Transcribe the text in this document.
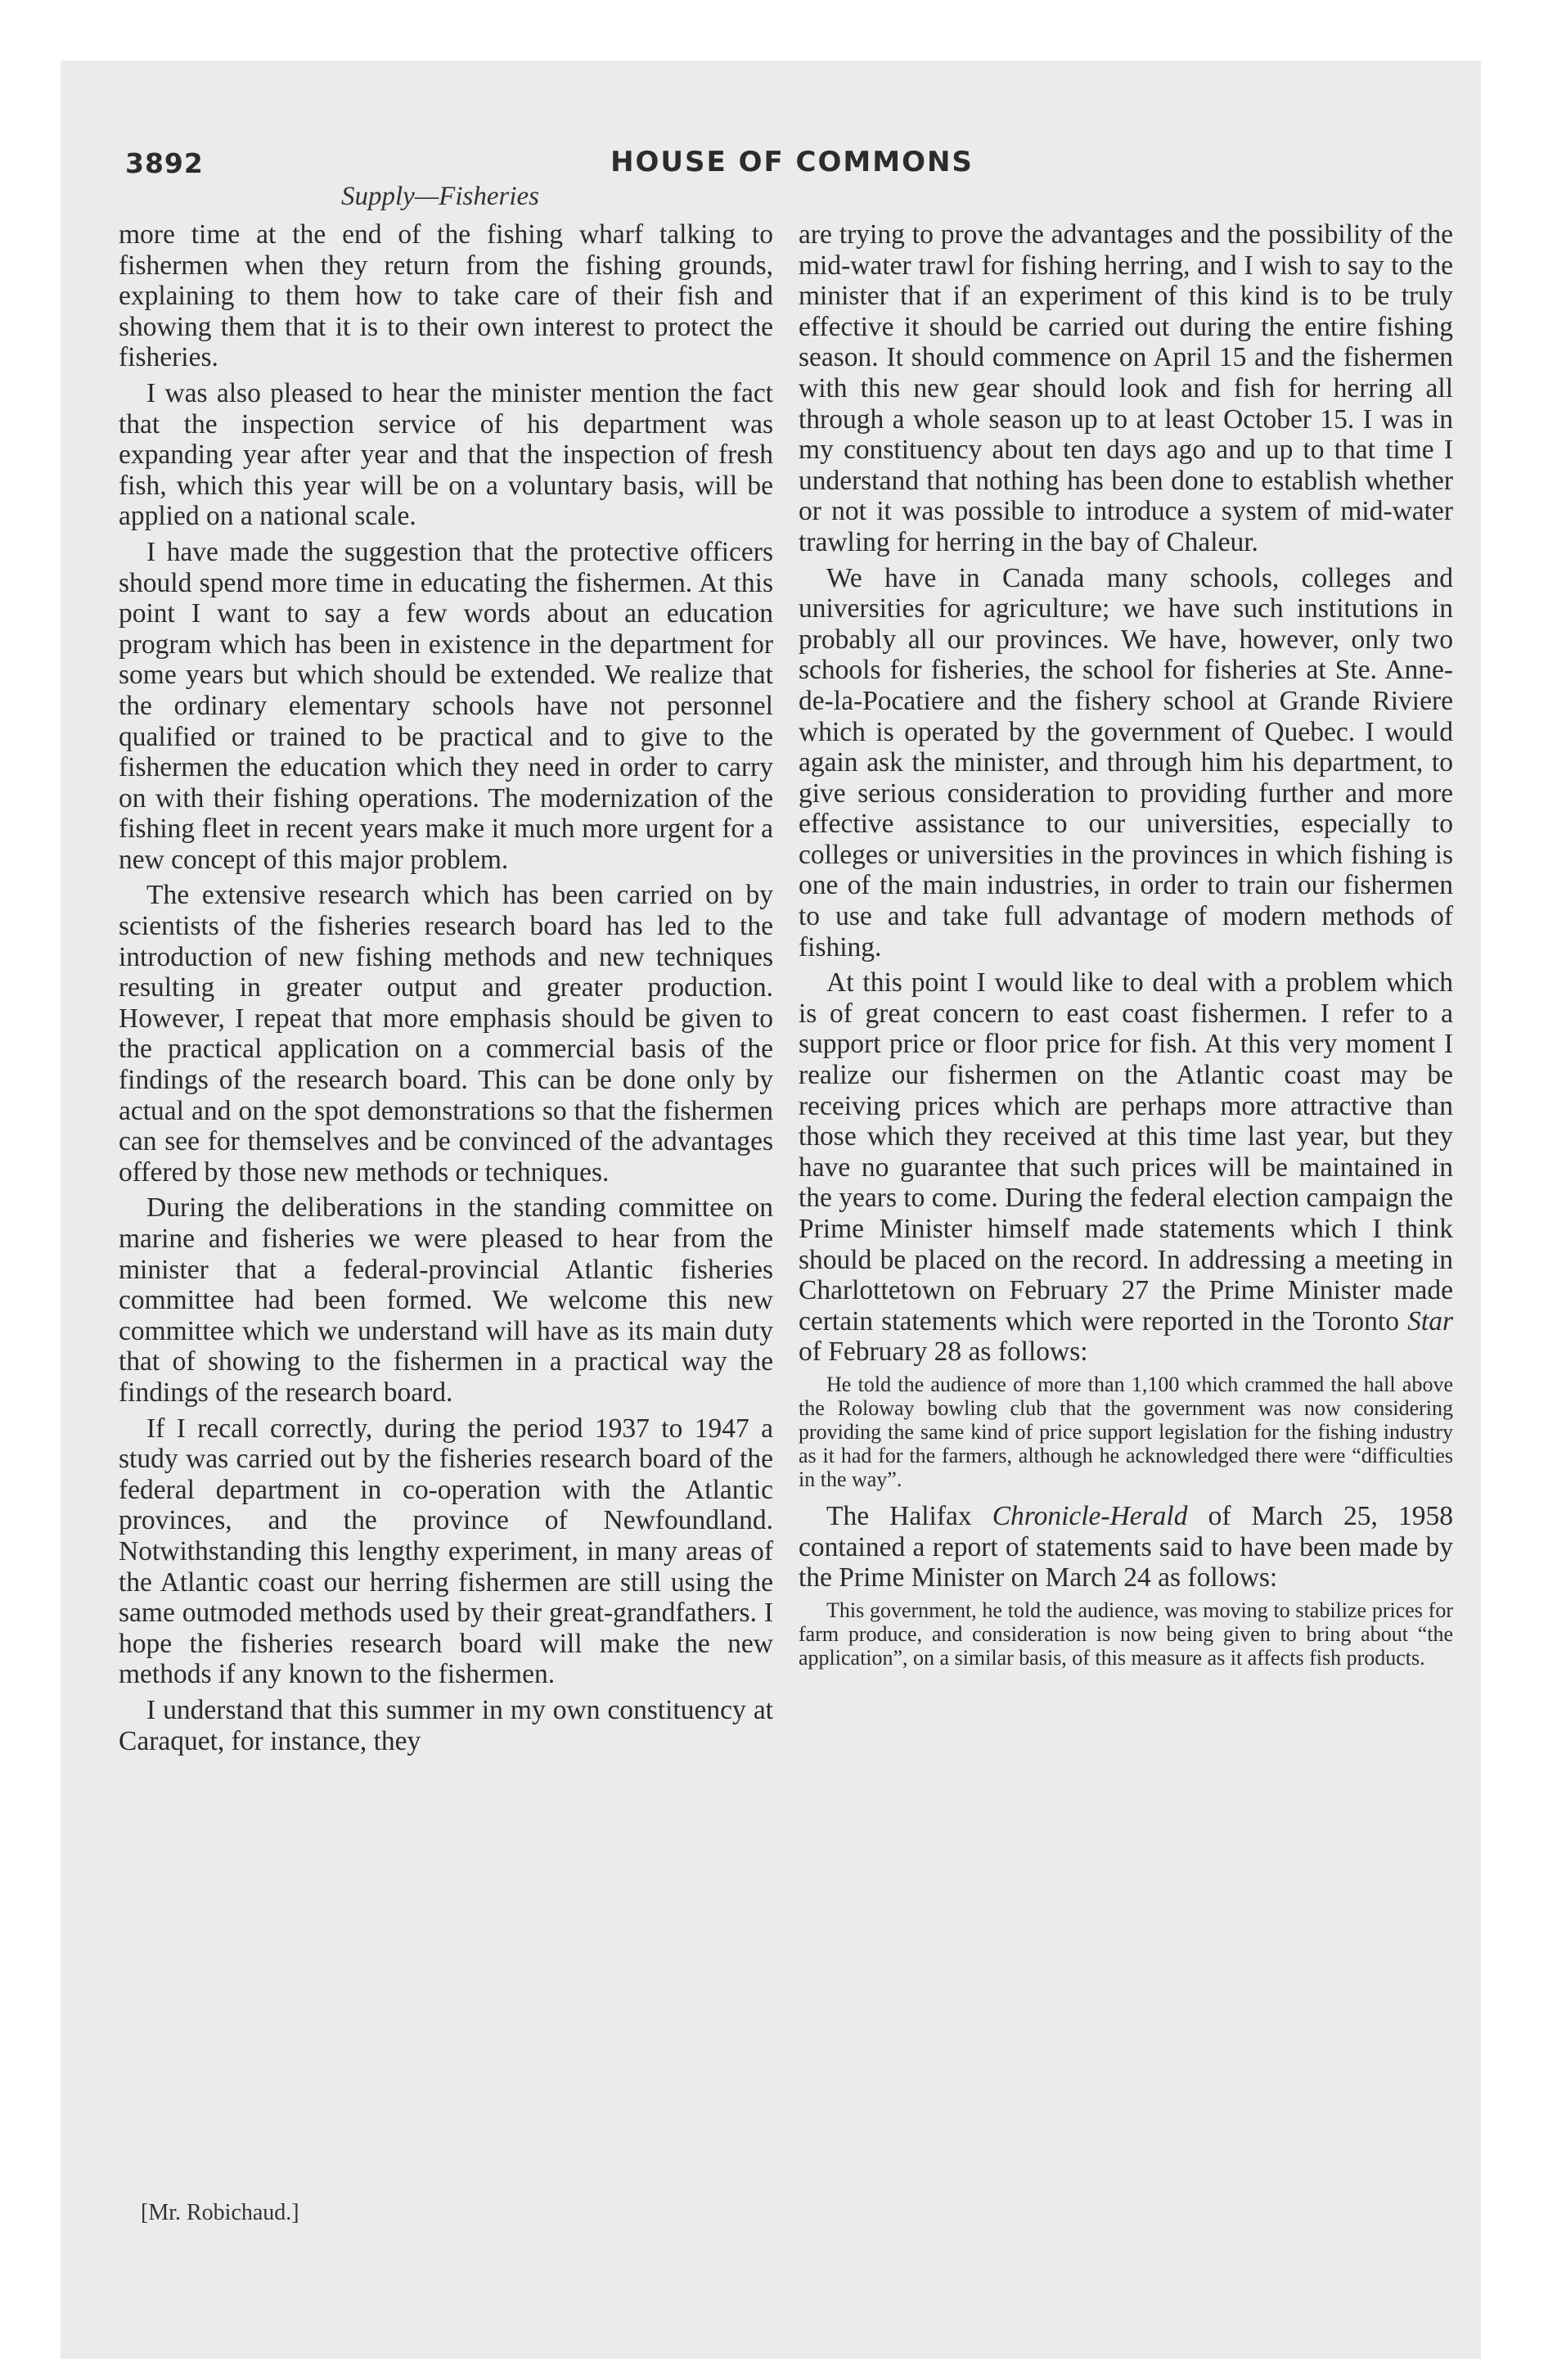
3892	HOUSE OF COMMONS
Supply—Fisheries

more time at the end of the fishing wharf talking to fishermen when they return from the fishing grounds, explaining to them how to take care of their fish and showing them that it is to their own interest to protect the fisheries.

I was also pleased to hear the minister mention the fact that the inspection service of his department was expanding year after year and that the inspection of fresh fish, which this year will be on a voluntary basis, will be applied on a national scale.

I have made the suggestion that the protective officers should spend more time in educating the fishermen. At this point I want to say a few words about an education program which has been in existence in the department for some years but which should be extended. We realize that the ordinary elementary schools have not personnel qualified or trained to be practical and to give to the fishermen the education which they need in order to carry on with their fishing operations. The modernization of the fishing fleet in recent years make it much more urgent for a new concept of this major problem.

The extensive research which has been carried on by scientists of the fisheries research board has led to the introduction of new fishing methods and new techniques resulting in greater output and greater production. However, I repeat that more emphasis should be given to the practical application on a commercial basis of the findings of the research board. This can be done only by actual and on the spot demonstrations so that the fishermen can see for themselves and be convinced of the advantages offered by those new methods or techniques.

During the deliberations in the standing committee on marine and fisheries we were pleased to hear from the minister that a federal-provincial Atlantic fisheries committee had been formed. We welcome this new committee which we understand will have as its main duty that of showing to the fishermen in a practical way the findings of the research board.

If I recall correctly, during the period 1937 to 1947 a study was carried out by the fisheries research board of the federal department in co-operation with the Atlantic provinces, and the province of Newfoundland. Notwithstanding this lengthy experiment, in many areas of the Atlantic coast our herring fishermen are still using the same outmoded methods used by their great-grandfathers. I hope the fisheries research board will make the new methods if any known to the fishermen.

I understand that this summer in my own constituency at Caraquet, for instance, they

are trying to prove the advantages and the possibility of the mid-water trawl for fishing herring, and I wish to say to the minister that if an experiment of this kind is to be truly effective it should be carried out during the entire fishing season. It should commence on April 15 and the fishermen with this new gear should look and fish for herring all through a whole season up to at least October 15. I was in my constituency about ten days ago and up to that time I understand that nothing has been done to establish whether or not it was possible to introduce a system of mid-water trawling for herring in the bay of Chaleur.

We have in Canada many schools, colleges and universities for agriculture; we have such institutions in probably all our provinces. We have, however, only two schools for fisheries, the school for fisheries at Ste. Anne-de-la-Pocatiere and the fishery school at Grande Riviere which is operated by the government of Quebec. I would again ask the minister, and through him his department, to give serious consideration to providing further and more effective assistance to our universities, especially to colleges or universities in the provinces in which fishing is one of the main industries, in order to train our fishermen to use and take full advantage of modern methods of fishing.

At this point I would like to deal with a problem which is of great concern to east coast fishermen. I refer to a support price or floor price for fish. At this very moment I realize our fishermen on the Atlantic coast may be receiving prices which are perhaps more attractive than those which they received at this time last year, but they have no guarantee that such prices will be maintained in the years to come. During the federal election campaign the Prime Minister himself made statements which I think should be placed on the record. In addressing a meeting in Charlottetown on February 27 the Prime Minister made certain statements which were reported in the Toronto Star of February 28 as follows:

He told the audience of more than 1,100 which crammed the hall above the Roloway bowling club that the government was now considering providing the same kind of price support legislation for the fishing industry as it had for the farmers, although he acknowledged there were “difficulties in the way”.

The Halifax Chronicle-Herald of March 25, 1958 contained a report of statements said to have been made by the Prime Minister on March 24 as follows:

This government, he told the audience, was moving to stabilize prices for farm produce, and consideration is now being given to bring about “the application”, on a similar basis, of this measure as it affects fish products.
[Mr. Robichaud.]
